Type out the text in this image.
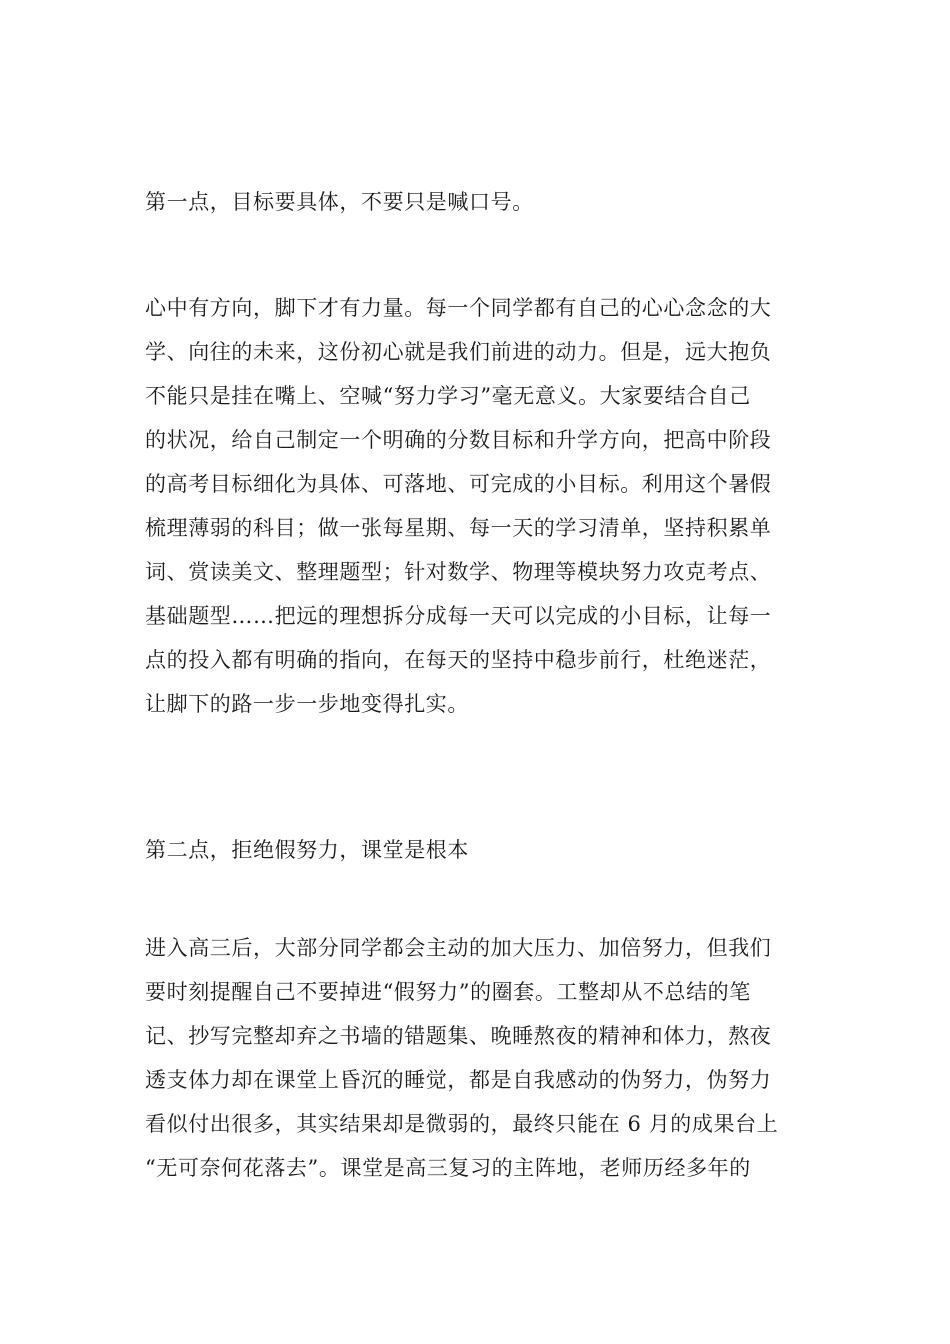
第一点，目标要具体，不要只是喊口号。

心中有方向，脚下才有力量。每一个同学都有自己的心心念念的大
学、向往的未来，这份初心就是我们前进的动力。但是，远大抱负
不能只是挂在嘴上、空喊“努力学习”毫无意义。大家要结合自己
的状况，给自己制定一个明确的分数目标和升学方向，把高中阶段
的高考目标细化为具体、可落地、可完成的小目标。利用这个暑假
梳理薄弱的科目；做一张每星期、每一天的学习清单，坚持积累单
词、赏读美文、整理题型；针对数学、物理等模块努力攻克考点、
基础题型……把远的理想拆分成每一天可以完成的小目标，让每一
点的投入都有明确的指向，在每天的坚持中稳步前行，杜绝迷茫，
让脚下的路一步一步地变得扎实。

第二点，拒绝假努力，课堂是根本

进入高三后，大部分同学都会主动的加大压力、加倍努力，但我们
要时刻提醒自己不要掉进“假努力”的圈套。工整却从不总结的笔
记、抄写完整却弃之书墙的错题集、晚睡熬夜的精神和体力，熬夜
透支体力却在课堂上昏沉的睡觉，都是自我感动的伪努力，伪努力
看似付出很多，其实结果却是微弱的，最终只能在 6 月的成果台上
“无可奈何花落去”。课堂是高三复习的主阵地，老师历经多年的
